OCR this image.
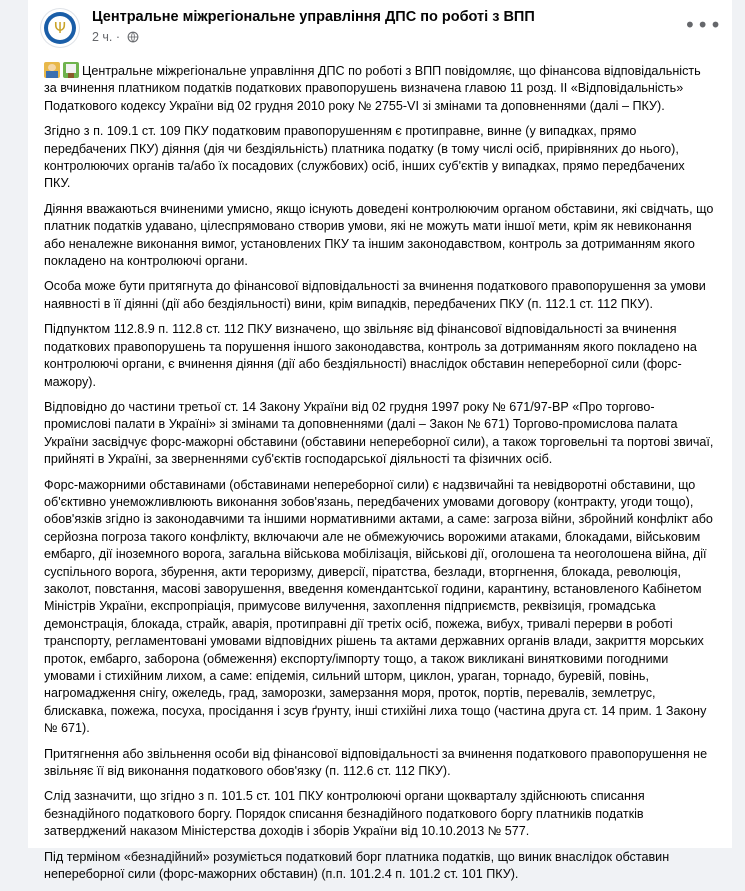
Ψ
Центральне міжрегіональне управління ДПС по роботі з ВПП
2 ч. ·	•••

Центральне міжрегіональне управління ДПС по роботі з ВПП повідомляє, що фінансова відповідальність за вчинення платником податків податкових правопорушень визначена главою 11 розд. II «Відповідальність» Податкового кодексу України від 02 грудня 2010 року № 2755-VI зі змінами та доповненнями (далі – ПКУ).

Згідно з п. 109.1 ст. 109 ПКУ податковим правопорушенням є протиправне, винне (у випадках, прямо передбачених ПКУ) діяння (дія чи бездіяльність) платника податку (в тому числі осіб, прирівняних до нього), контролюючих органів та/або їх посадових (службових) осіб, інших суб'єктів у випадках, прямо передбачених ПКУ.

Діяння вважаються вчиненими умисно, якщо існують доведені контролюючим органом обставини, які свідчать, що платник податків удавано, цілеспрямовано створив умови, які не можуть мати іншої мети, крім як невиконання або неналежне виконання вимог, установлених ПКУ та іншим законодавством, контроль за дотриманням якого покладено на контролюючі органи.

Особа може бути притягнута до фінансової відповідальності за вчинення податкового правопорушення за умови наявності в її діянні (дії або бездіяльності) вини, крім випадків, передбачених ПКУ (п. 112.1 ст. 112 ПКУ).

Підпунктом 112.8.9 п. 112.8 ст. 112 ПКУ визначено, що звільняє від фінансової відповідальності за вчинення податкових правопорушень та порушення іншого законодавства, контроль за дотриманням якого покладено на контролюючі органи, є вчинення діяння (дії або бездіяльності) внаслідок обставин непереборної сили (форс-мажору).

Відповідно до частини третьої ст. 14 Закону України від 02 грудня 1997 року № 671/97-ВР «Про торгово-промислові палати в Україні» зі змінами та доповненнями (далі – Закон № 671) Торгово-промислова палата України засвідчує форс-мажорні обставини (обставини непереборної сили), а також торговельні та портові звичаї, прийняті в Україні, за зверненнями суб'єктів господарської діяльності та фізичних осіб.

Форс-мажорними обставинами (обставинами непереборної сили) є надзвичайні та невідворотні обставини, що об'єктивно унеможливлюють виконання зобов'язань, передбачених умовами договору (контракту, угоди тощо), обов'язків згідно із законодавчими та іншими нормативними актами, а саме: загроза війни, збройний конфлікт або серйозна погроза такого конфлікту, включаючи але не обмежуючись ворожими атаками, блокадами, військовим ембарго, дії іноземного ворога, загальна військова мобілізація, військові дії, оголошена та неоголошена війна, дії суспільного ворога, збурення, акти тероризму, диверсії, піратства, безлади, вторгнення, блокада, революція, заколот, повстання, масові заворушення, введення комендантської години, карантину, встановленого Кабінетом Міністрів України, експропріація, примусове вилучення, захоплення підприємств, реквізиція, громадська демонстрація, блокада, страйк, аварія, протиправні дії третіх осіб, пожежа, вибух, тривалі перерви в роботі транспорту, регламентовані умовами відповідних рішень та актами державних органів влади, закриття морських проток, ембарго, заборона (обмеження) експорту/імпорту тощо, а також викликані винятковими погодними умовами і стихійним лихом, а саме: епідемія, сильний шторм, циклон, ураган, торнадо, буревій, повінь, нагромадження снігу, ожеледь, град, заморозки, замерзання моря, проток, портів, перевалів, землетрус, блискавка, пожежа, посуха, просідання і зсув ґрунту, інші стихійні лиха тощо (частина друга ст. 14 прим. 1 Закону № 671).

Притягнення або звільнення особи від фінансової відповідальності за вчинення податкового правопорушення не звільняє її від виконання податкового обов'язку (п. 112.6 ст. 112 ПКУ).

Слід зазначити, що згідно з п. 101.5 ст. 101 ПКУ контролюючі органи щокварталу здійснюють списання безнадійного податкового боргу. Порядок списання безнадійного податкового боргу платників податків затверджений наказом Міністерства доходів і зборів України від 10.10.2013 № 577.

Під терміном «безнадійний» розуміється податковий борг платника податків, що виник внаслідок обставин непереборної сили (форс-мажорних обставин) (п.п. 101.2.4 п. 101.2 ст. 101 ПКУ).
